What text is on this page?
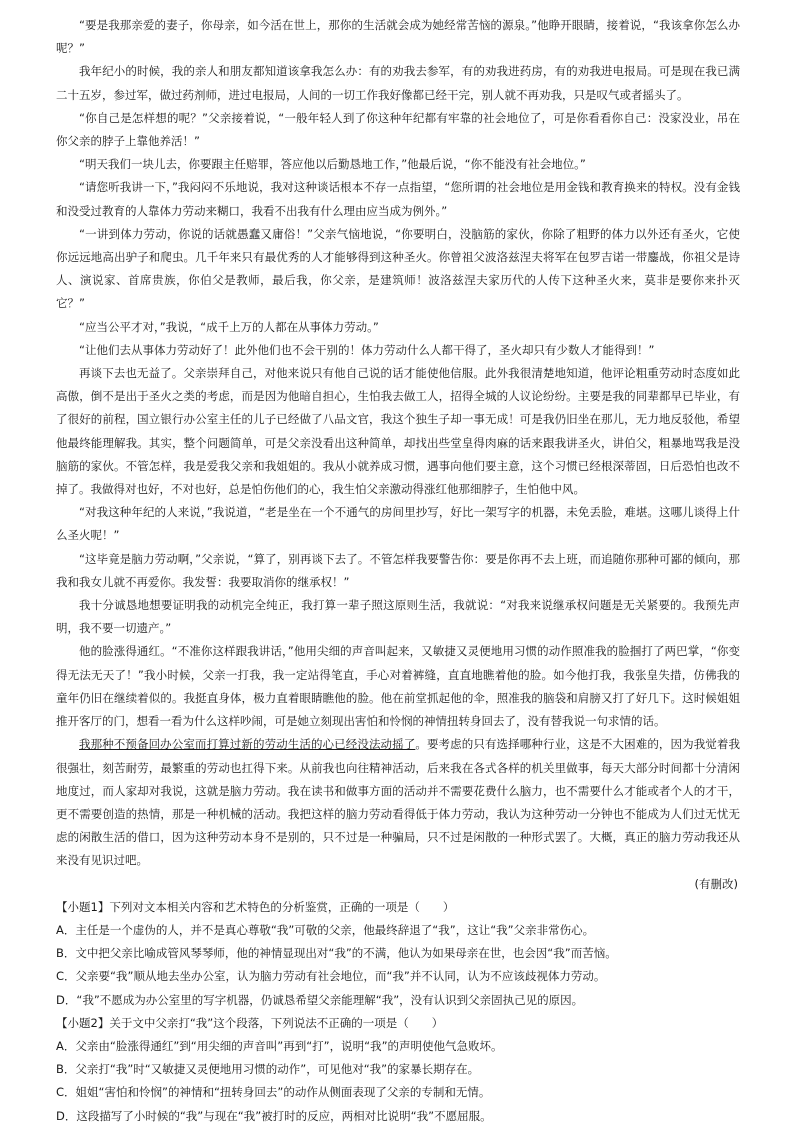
“要是我那亲爱的妻子，你母亲，如今活在世上，那你的生活就会成为她经常苦恼的源泉。”他睁开眼睛，接着说，“我该拿你怎么办呢？”

我年纪小的时候，我的亲人和朋友都知道该拿我怎么办：有的劝我去参军，有的劝我进药房，有的劝我进电报局。可是现在我已满二十五岁，参过军，做过药剂师，进过电报局，人间的一切工作我好像都已经干完，别人就不再劝我，只是叹气或者摇头了。

“你自己是怎样想的呢？”父亲接着说，“一般年轻人到了你这种年纪都有牢靠的社会地位了，可是你看看你自己：没家没业，吊在你父亲的脖子上靠他养活！”

“明天我们一块儿去，你要跟主任赔罪，答应他以后勤恳地工作，”他最后说，“你不能没有社会地位。”

“请您听我讲一下，”我闷闷不乐地说，我对这种谈话根本不存一点指望，“您所谓的社会地位是用金钱和教育换来的特权。没有金钱和没受过教育的人靠体力劳动来糊口，我看不出我有什么理由应当成为例外。”

“一讲到体力劳动，你说的话就愚蠢又庸俗！”父亲气恼地说，“你要明白，没脑筋的家伙，你除了粗野的体力以外还有圣火，它使你远远地高出驴子和爬虫。几千年来只有最优秀的人才能够得到这种圣火。你曾祖父波洛兹涅夫将军在包罗吉诺一带鏖战，你祖父是诗人、演说家、首席贵族，你伯父是教师，最后我，你父亲，是建筑师！波洛兹涅夫家历代的人传下这种圣火来，莫非是要你来扑灭它？”

“应当公平才对，”我说，“成千上万的人都在从事体力劳动。”

“让他们去从事体力劳动好了！此外他们也不会干别的！体力劳动什么人都干得了，圣火却只有少数人才能得到！”

再谈下去也无益了。父亲崇拜自己，对他来说只有他自己说的话才能使他信服。此外我很清楚地知道，他评论粗重劳动时态度如此高傲，倒不是出于圣火之类的考虑，而是因为他暗自担心，生怕我去做工人，招得全城的人议论纷纷。主要是我的同辈都早已毕业，有了很好的前程，国立银行办公室主任的儿子已经做了八品文官，我这个独生子却一事无成！可是我仍旧坐在那儿，无力地反驳他，希望他最终能理解我。其实，整个问题简单，可是父亲没看出这种简单，却找出些堂皇得肉麻的话来跟我讲圣火，讲伯父，粗暴地骂我是没脑筋的家伙。不管怎样，我是爱我父亲和我姐姐的。我从小就养成习惯，遇事向他们要主意，这个习惯已经根深蒂固，日后恐怕也改不掉了。我做得对也好，不对也好，总是怕伤他们的心，我生怕父亲激动得涨红他那细脖子，生怕他中风。

“对我这种年纪的人来说，”我说道，“老是坐在一个不通气的房间里抄写，好比一架写字的机器，未免丢脸，难堪。这哪儿谈得上什么圣火呢！”

“这毕竟是脑力劳动啊，”父亲说，“算了，别再谈下去了。不管怎样我要警告你：要是你再不去上班，而追随你那种可鄙的倾向，那我和我女儿就不再爱你。我发誓：我要取消你的继承权！”

我十分诚恳地想要证明我的动机完全纯正，我打算一辈子照这原则生活，我就说：“对我来说继承权问题是无关紧要的。我预先声明，我不要一切遗产。”

他的脸涨得通红。“不准你这样跟我讲话，”他用尖细的声音叫起来，又敏捷又灵便地用习惯的动作照准我的脸掴打了两巴掌，“你变得无法无天了！”我小时候，父亲一打我，我一定站得笔直，手心对着裤缝，直直地瞧着他的脸。如今他打我，我张皇失措，仿佛我的童年仍旧在继续着似的。我挺直身体，极力直着眼睛瞧他的脸。他在前堂抓起他的伞，照准我的脑袋和肩膀又打了好几下。这时候姐姐推开客厅的门，想看一看为什么这样吵闹，可是她立刻现出害怕和怜悯的神情扭转身回去了，没有替我说一句求情的话。

我那种不预备回办公室而打算过新的劳动生活的心已经没法动摇了。要考虑的只有选择哪种行业，这是不大困难的，因为我觉着我很强壮，刻苦耐劳，最繁重的劳动也扛得下来。从前我也向往精神活动，后来我在各式各样的机关里做事，每天大部分时间都十分清闲地度过，而人家却对我说，这就是脑力劳动。我在读书和做事方面的活动并不需要花费什么脑力，也不需要什么才能或者个人的才干，更不需要创造的热情，那是一种机械的活动。我把这样的脑力劳动看得低于体力劳动，我认为这种劳动一分钟也不能成为人们过无忧无虑的闲散生活的借口，因为这种劳动本身不是别的，只不过是一种骗局，只不过是闲散的一种形式罢了。大概，真正的脑力劳动我还从来没有见识过吧。

(有删改)

【小题1】下列对文本相关内容和艺术特色的分析鉴赏，正确的一项是（　　）

A．主任是一个虚伪的人，并不是真心尊敬“我”可敬的父亲，他最终辞退了“我”，这让“我”父亲非常伤心。

B．文中把父亲比喻成管风琴琴师，他的神情显现出对“我”的不满，他认为如果母亲在世，也会因“我”而苦恼。

C．父亲要“我”顺从地去坐办公室，认为脑力劳动有社会地位，而“我”并不认同，认为不应该歧视体力劳动。

D．“我”不愿成为办公室里的写字机器，仍诚恳希望父亲能理解“我”，没有认识到父亲固执己见的原因。

【小题2】关于文中父亲打“我”这个段落，下列说法不正确的一项是（　　）

A．父亲由“脸涨得通红”到“用尖细的声音叫”再到“打”，说明“我”的声明使他气急败坏。

B．父亲打“我”时“又敏捷又灵便地用习惯的动作”，可见他对“我”的家暴长期存在。

C．姐姐“害怕和怜悯”的神情和“扭转身回去”的动作从侧面表现了父亲的专制和无情。

D．这段描写了小时候的“我”与现在“我”被打时的反应，两相对比说明“我”不愿屈服。
